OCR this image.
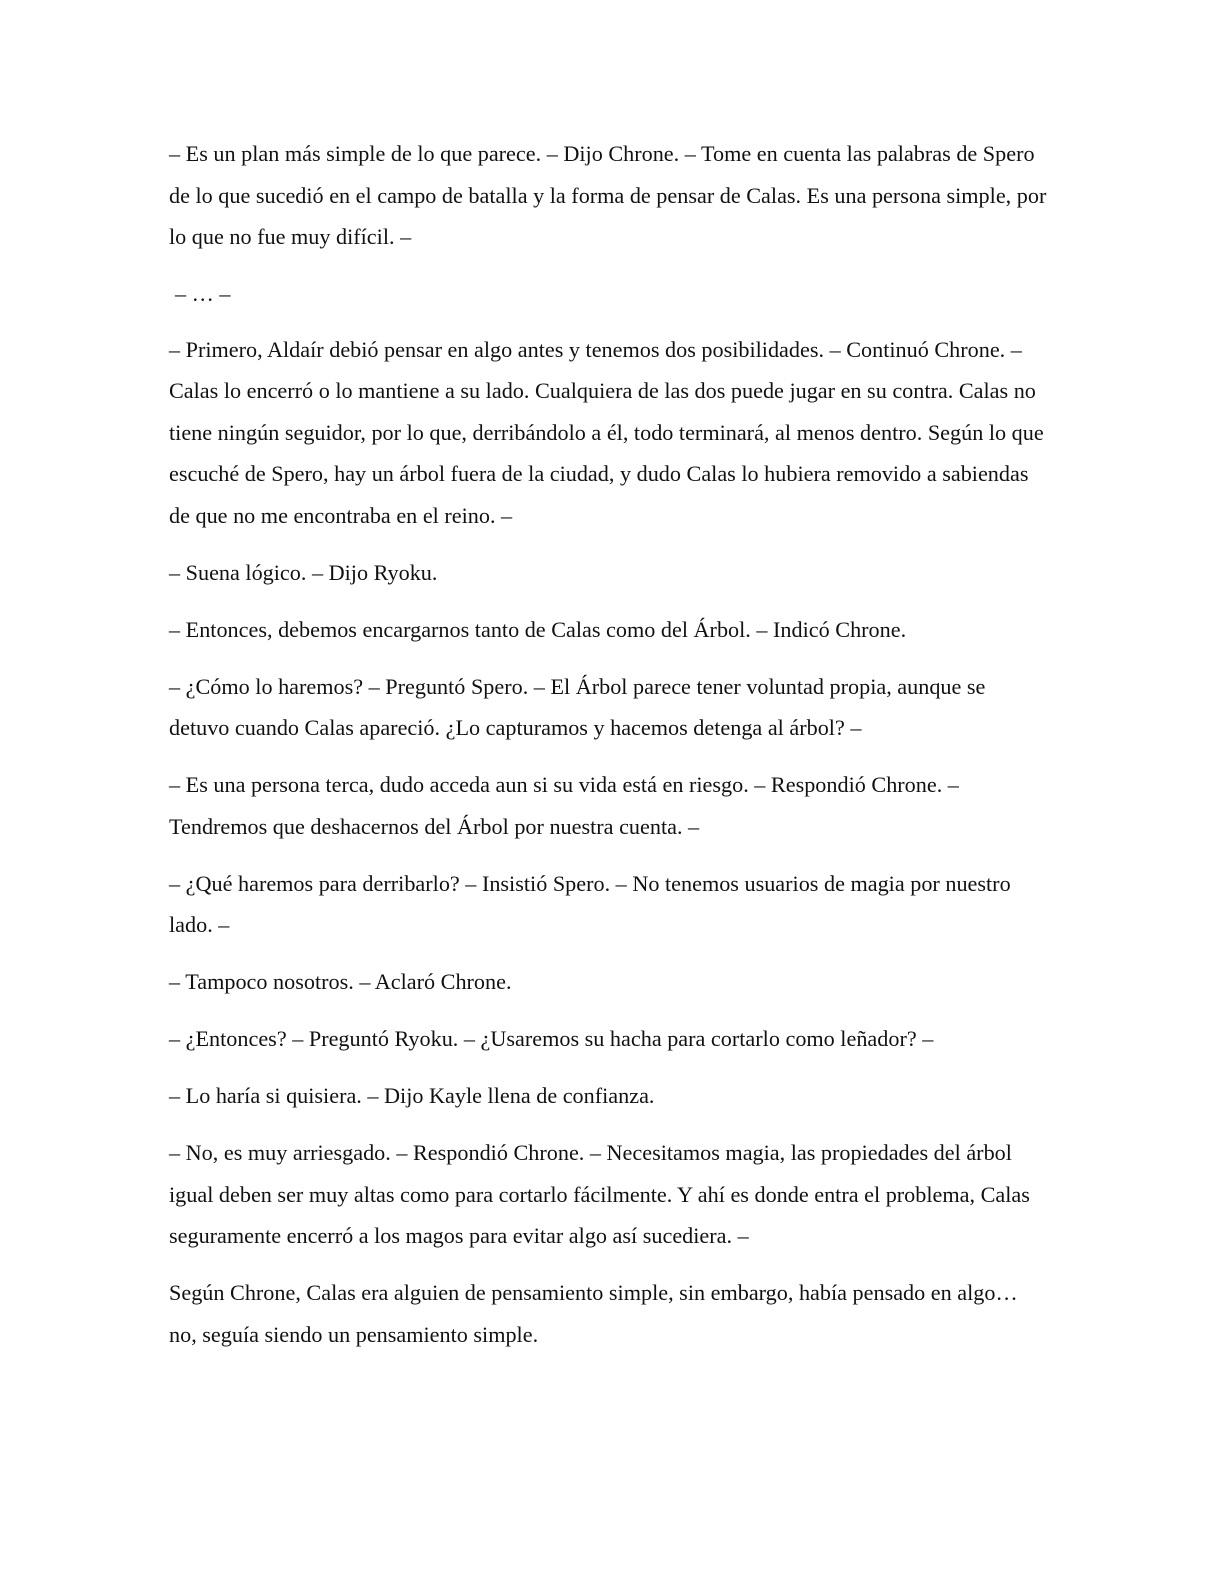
– Es un plan más simple de lo que parece. – Dijo Chrone. – Tome en cuenta las palabras de Spero de lo que sucedió en el campo de batalla y la forma de pensar de Calas. Es una persona simple, por lo que no fue muy difícil. –

– … –

– Primero, Aldaír debió pensar en algo antes y tenemos dos posibilidades. – Continuó Chrone. – Calas lo encerró o lo mantiene a su lado. Cualquiera de las dos puede jugar en su contra. Calas no tiene ningún seguidor, por lo que, derribándolo a él, todo terminará, al menos dentro. Según lo que escuché de Spero, hay un árbol fuera de la ciudad, y dudo Calas lo hubiera removido a sabiendas de que no me encontraba en el reino. –

– Suena lógico. – Dijo Ryoku.

– Entonces, debemos encargarnos tanto de Calas como del Árbol. – Indicó Chrone.

– ¿Cómo lo haremos? – Preguntó Spero. – El Árbol parece tener voluntad propia, aunque se detuvo cuando Calas apareció. ¿Lo capturamos y hacemos detenga al árbol? –

– Es una persona terca, dudo acceda aun si su vida está en riesgo. – Respondió Chrone. – Tendremos que deshacernos del Árbol por nuestra cuenta. –

– ¿Qué haremos para derribarlo? – Insistió Spero. – No tenemos usuarios de magia por nuestro lado. –

– Tampoco nosotros. – Aclaró Chrone.

– ¿Entonces? – Preguntó Ryoku. – ¿Usaremos su hacha para cortarlo como leñador? –

– Lo haría si quisiera. – Dijo Kayle llena de confianza.

– No, es muy arriesgado. – Respondió Chrone. – Necesitamos magia, las propiedades del árbol igual deben ser muy altas como para cortarlo fácilmente. Y ahí es donde entra el problema, Calas seguramente encerró a los magos para evitar algo así sucediera. –

Según Chrone, Calas era alguien de pensamiento simple, sin embargo, había pensado en algo… no, seguía siendo un pensamiento simple.
